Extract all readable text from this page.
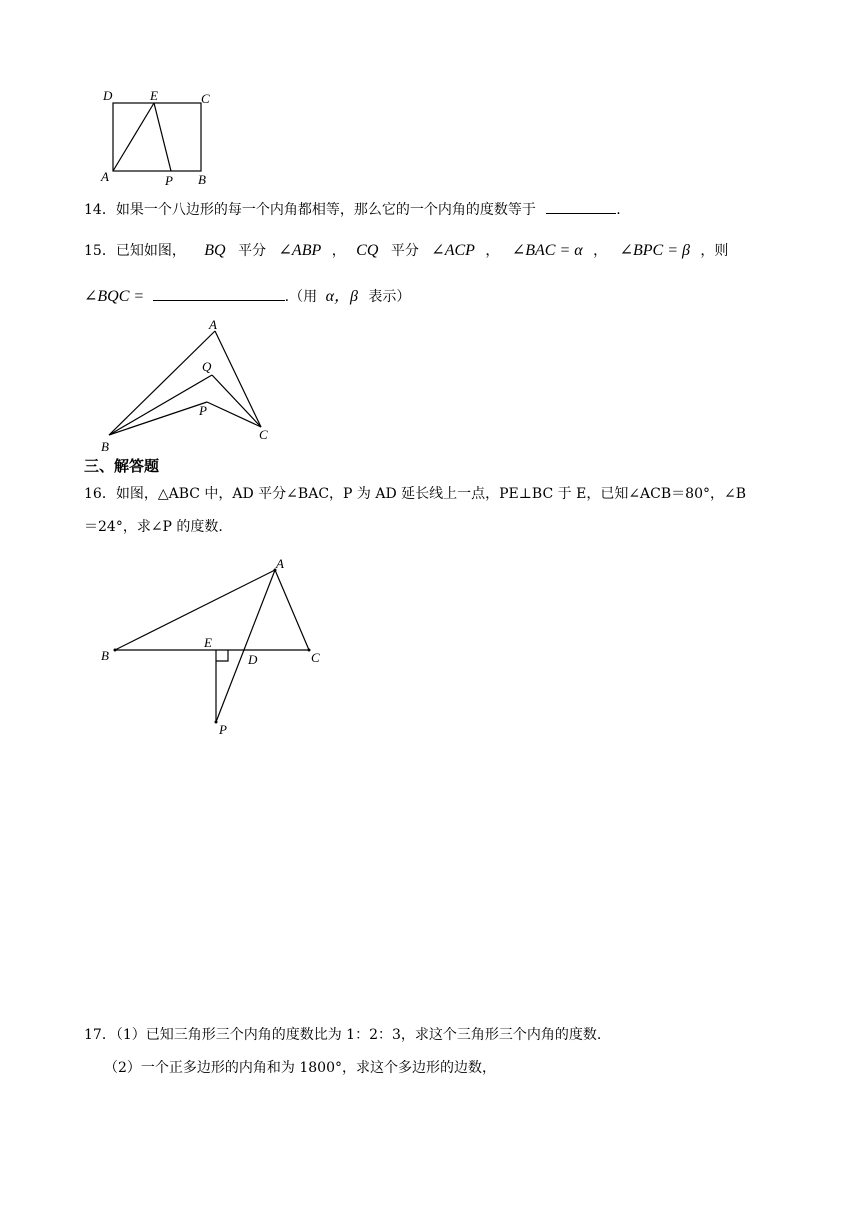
D	E	C
A	P B
14．如果一个八边形的每一个内角都相等，那么它的一个内角的度数等于	.
15．已知如图， BQ 平分 ∠ABP ， CQ 平分 ∠ACP ， ∠BAC = α ， ∠BPC = β ，则
∠BQC =	.（用 α，β 表示）
A
Q
P
B
C
三、解答题
16．如图，△ABC 中，AD 平分∠BAC，P 为 AD 延长线上一点，PE⊥BC 于 E，已知∠ACB＝80°，∠B
＝24°，求∠P 的度数.
A
B
E
D	C
P
17．（1）已知三角形三个内角的度数比为 1：2：3，求这个三角形三个内角的度数.
（2）一个正多边形的内角和为 1800°，求这个多边形的边数，
